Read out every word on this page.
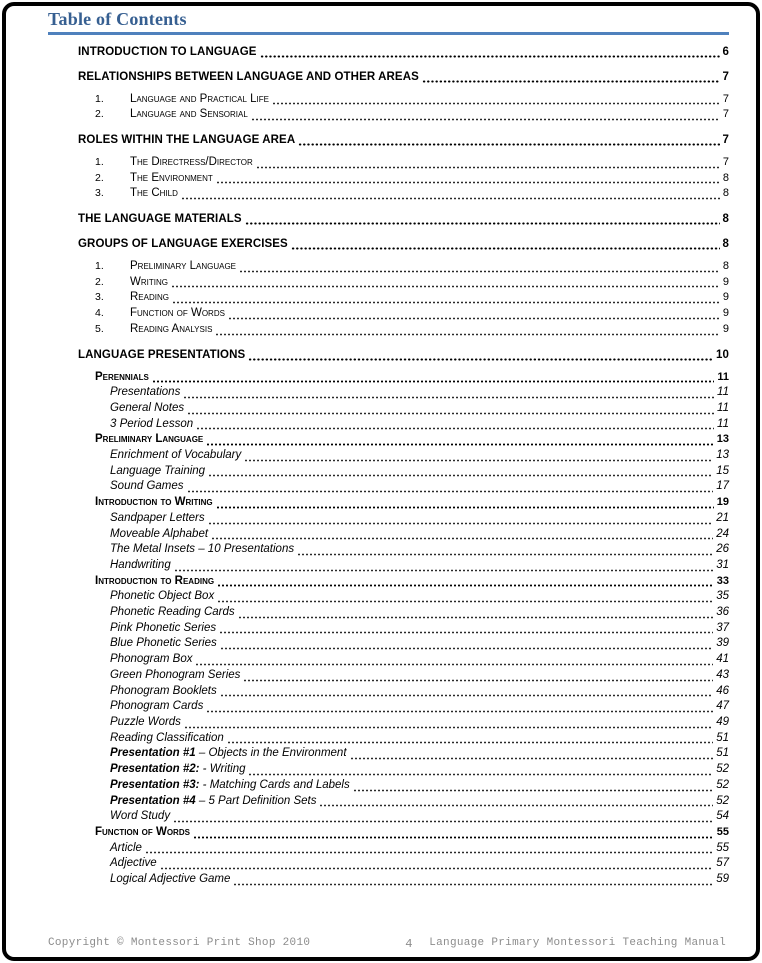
Table of Contents
INTRODUCTION TO LANGUAGE	6
RELATIONSHIPS BETWEEN LANGUAGE AND OTHER AREAS	7
1.	Language and Practical Life	7
2.	Language and Sensorial	7
ROLES WITHIN THE LANGUAGE AREA	7
1.	The Directress/Director	7
2.	The Environment	8
3.	The Child	8
THE LANGUAGE MATERIALS	8
GROUPS OF LANGUAGE EXERCISES	8
1.	Preliminary Language	8
2.	Writing	9
3.	Reading	9
4.	Function of Words	9
5.	Reading Analysis	9
LANGUAGE PRESENTATIONS	10
Perennials	11
Presentations	11
General Notes	11
3 Period Lesson	11
Preliminary Language	13
Enrichment of Vocabulary	13
Language Training	15
Sound Games	17
Introduction to Writing	19
Sandpaper Letters	21
Moveable Alphabet	24
The Metal Insets – 10 Presentations	26
Handwriting	31
Introduction to Reading	33
Phonetic Object Box	35
Phonetic Reading Cards	36
Pink Phonetic Series	37
Blue Phonetic Series	39
Phonogram Box	41
Green Phonogram Series	43
Phonogram Booklets	46
Phonogram Cards	47
Puzzle Words	49
Reading Classification	51
Presentation #1 – Objects in the Environment	51
Presentation #2: - Writing	52
Presentation #3: - Matching Cards and Labels	52
Presentation #4 – 5 Part Definition Sets	52
Word Study	54
Function of Words	55
Article	55
Adjective	57
Logical Adjective Game	59
Copyright © Montessori Print Shop 2010	4	Language Primary Montessori Teaching Manual
